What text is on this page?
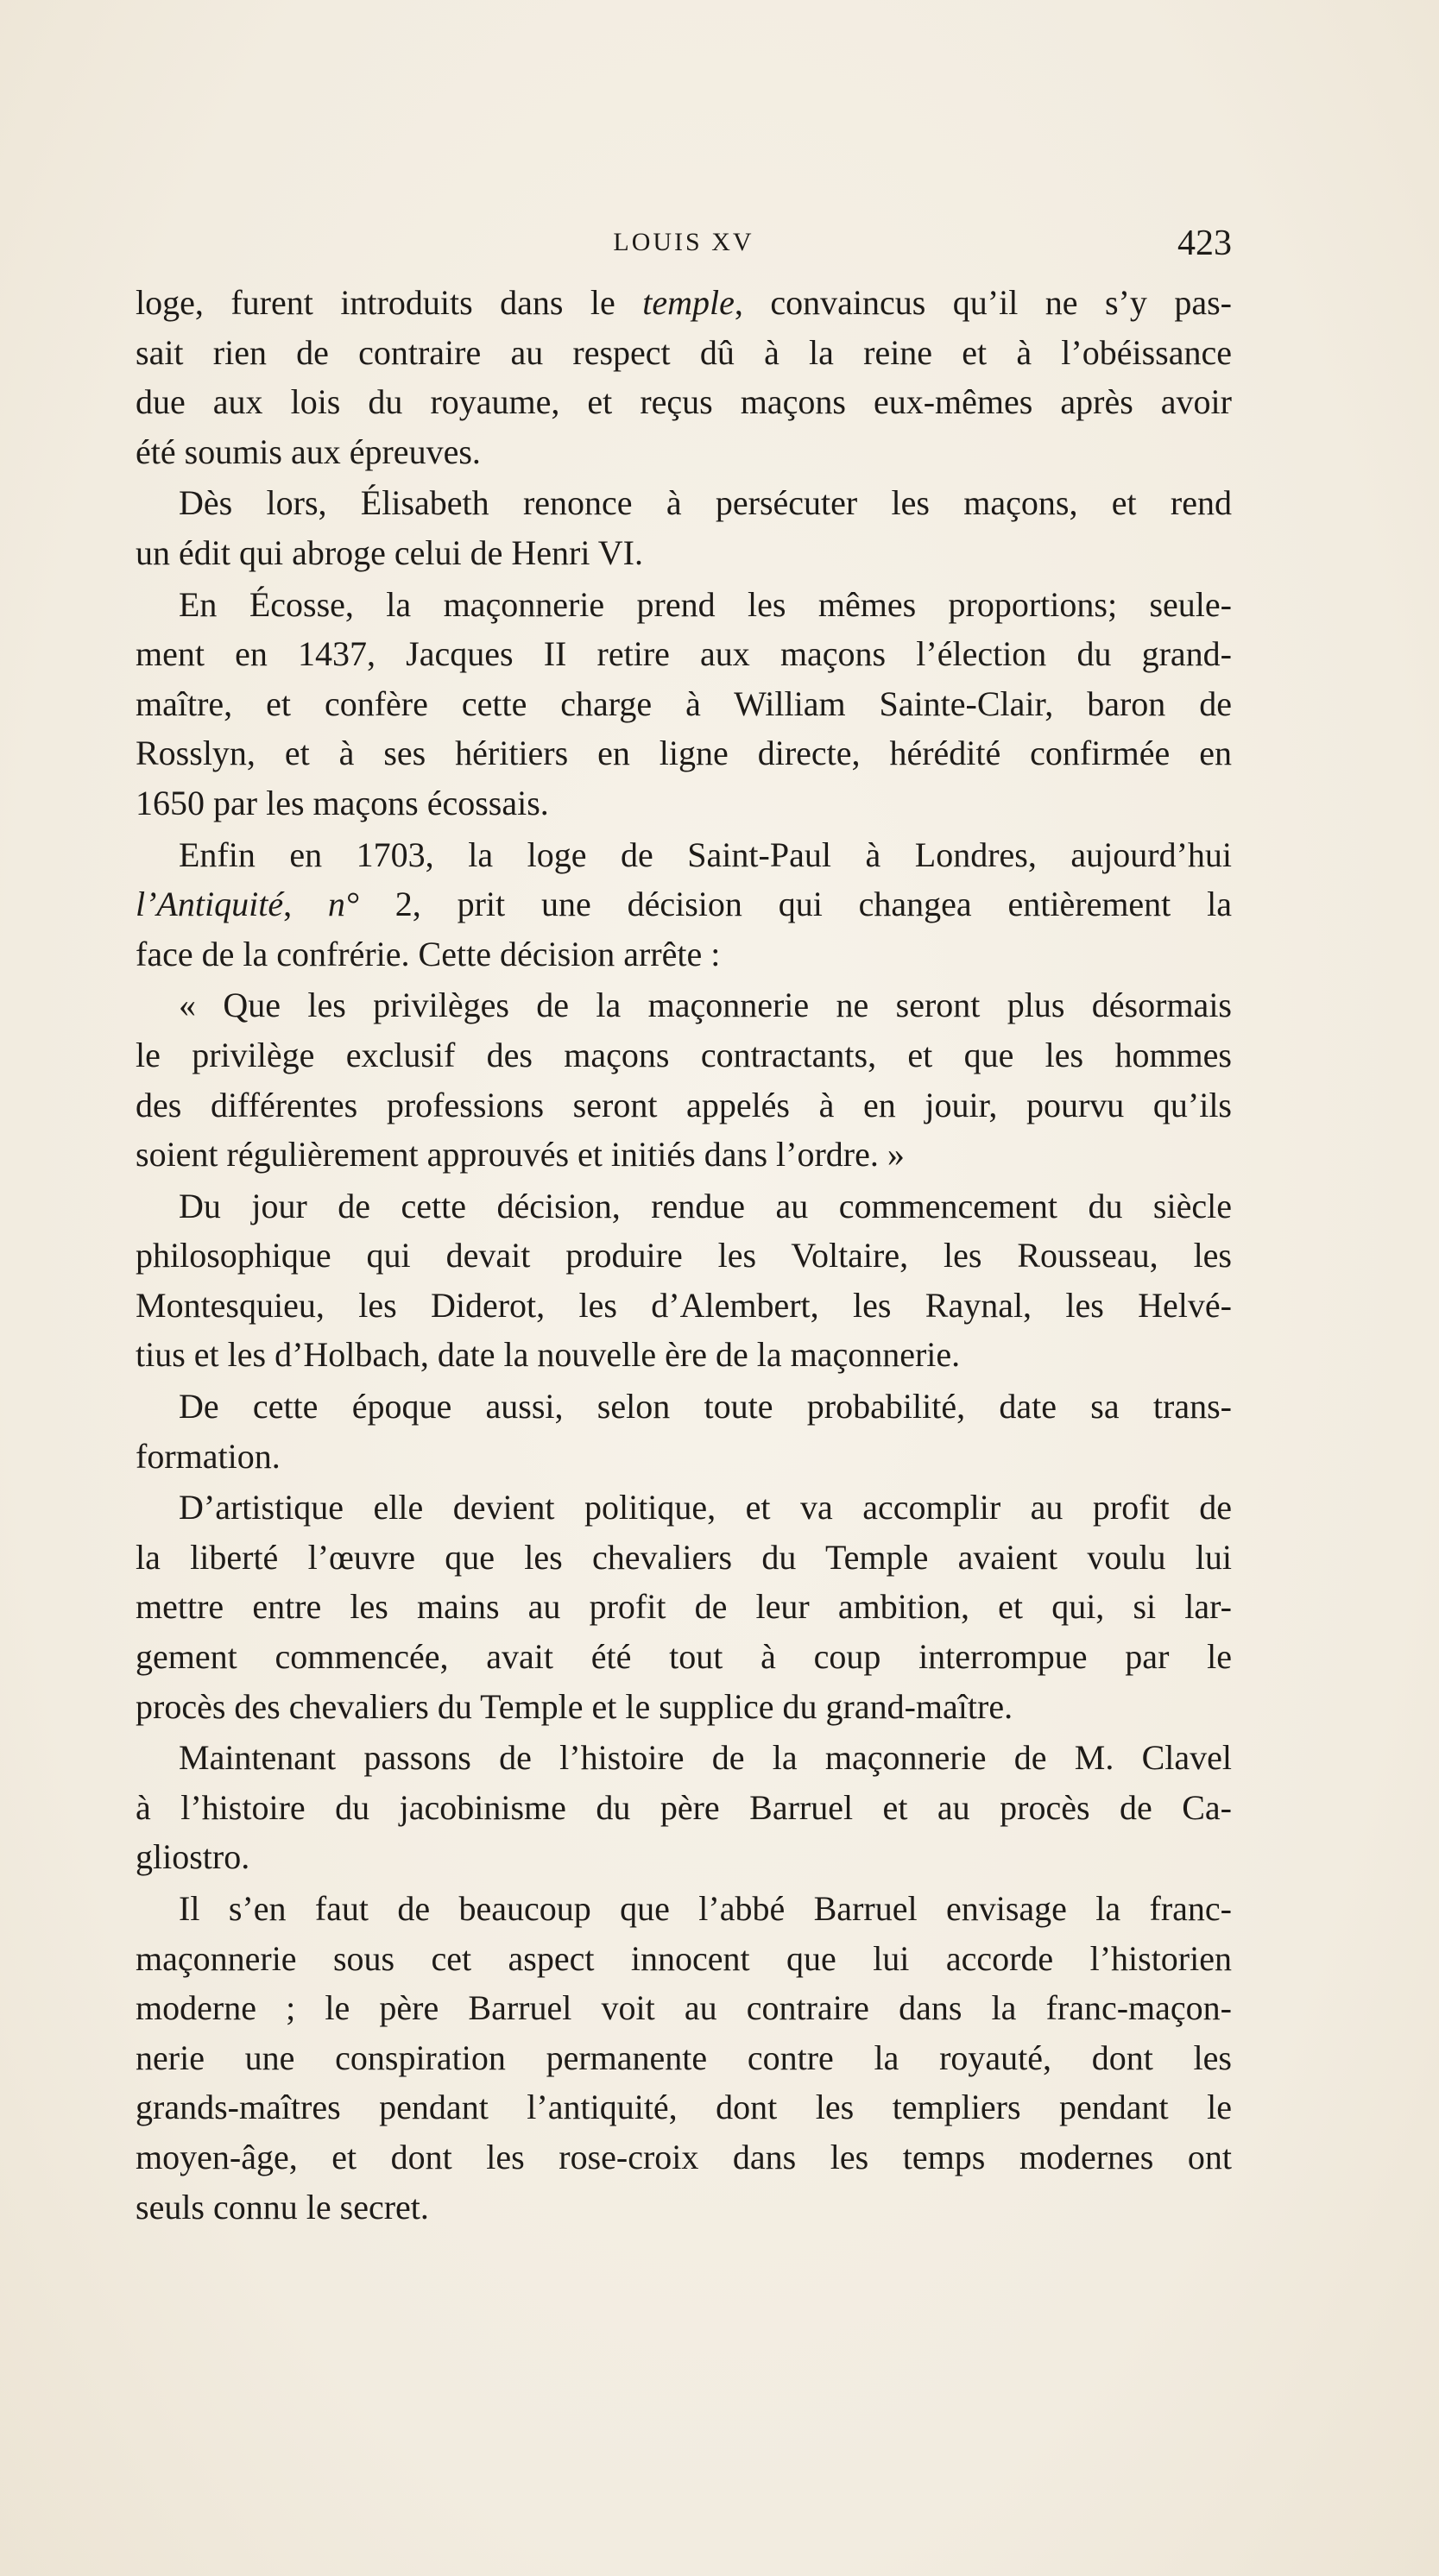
LOUIS XV	423
loge, furent introduits dans le temple, convaincus qu’il ne s’y pas-
sait rien de contraire au respect dû à la reine et à l’obéissance
due aux lois du royaume, et reçus maçons eux-mêmes après avoir
été soumis aux épreuves.
Dès lors, Élisabeth renonce à persécuter les maçons, et rend
un édit qui abroge celui de Henri VI.
En Écosse, la maçonnerie prend les mêmes proportions; seule-
ment en 1437, Jacques II retire aux maçons l’élection du grand-
maître, et confère cette charge à William Sainte-Clair, baron de
Rosslyn, et à ses héritiers en ligne directe, hérédité confirmée en
1650 par les maçons écossais.
Enfin en 1703, la loge de Saint-Paul à Londres, aujourd’hui
l’Antiquité, n° 2, prit une décision qui changea entièrement la
face de la confrérie. Cette décision arrête :
« Que les privilèges de la maçonnerie ne seront plus désormais
le privilège exclusif des maçons contractants, et que les hommes
des différentes professions seront appelés à en jouir, pourvu qu’ils
soient régulièrement approuvés et initiés dans l’ordre. »
Du jour de cette décision, rendue au commencement du siècle
philosophique qui devait produire les Voltaire, les Rousseau, les
Montesquieu, les Diderot, les d’Alembert, les Raynal, les Helvé-
tius et les d’Holbach, date la nouvelle ère de la maçonnerie.
De cette époque aussi, selon toute probabilité, date sa trans-
formation.
D’artistique elle devient politique, et va accomplir au profit de
la liberté l’œuvre que les chevaliers du Temple avaient voulu lui
mettre entre les mains au profit de leur ambition, et qui, si lar-
gement commencée, avait été tout à coup interrompue par le
procès des chevaliers du Temple et le supplice du grand-maître.
Maintenant passons de l’histoire de la maçonnerie de M. Clavel
à l’histoire du jacobinisme du père Barruel et au procès de Ca-
gliostro.
Il s’en faut de beaucoup que l’abbé Barruel envisage la franc-
maçonnerie sous cet aspect innocent que lui accorde l’historien
moderne ; le père Barruel voit au contraire dans la franc-maçon-
nerie une conspiration permanente contre la royauté, dont les
grands-maîtres pendant l’antiquité, dont les templiers pendant le
moyen-âge, et dont les rose-croix dans les temps modernes ont
seuls connu le secret.
